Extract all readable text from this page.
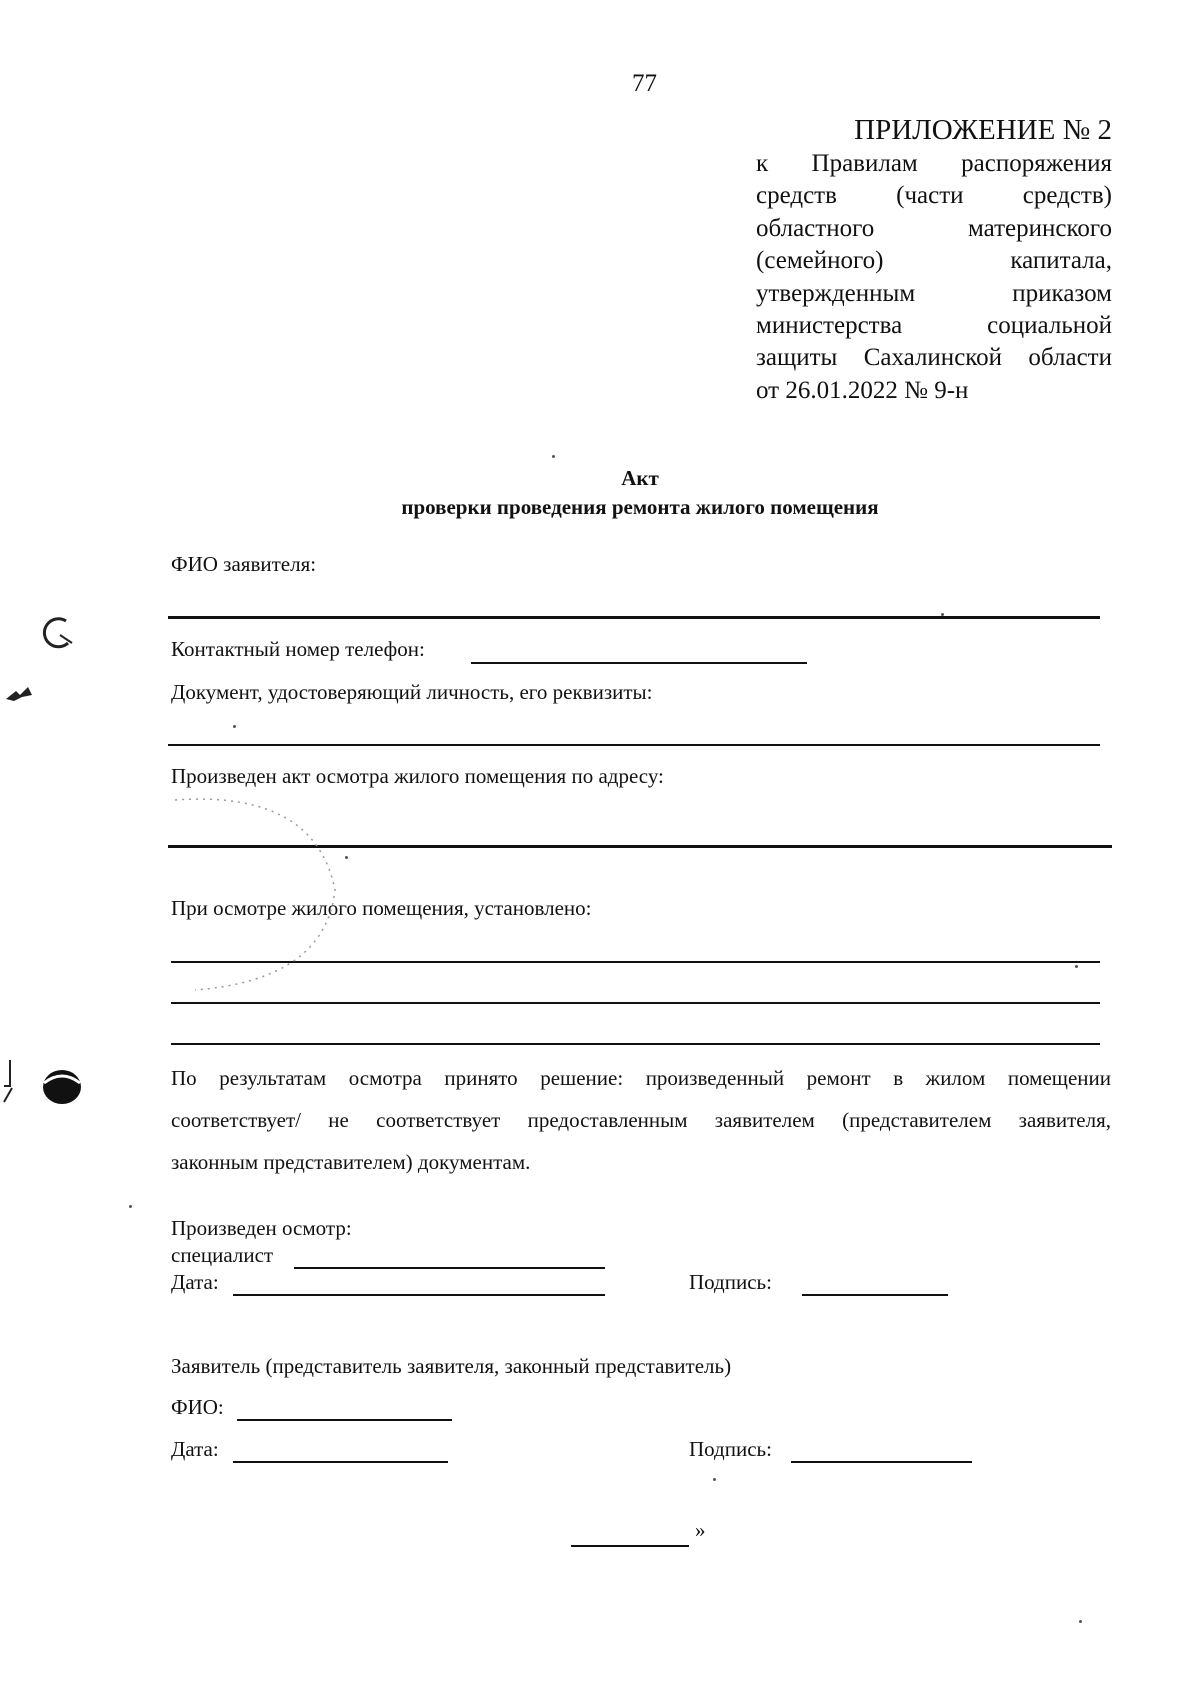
77
ПРИЛОЖЕНИЕ № 2
к Правилам распоряжения
средств (части средств)
областного материнского
(семейного) капитала,
утвержденным приказом
министерства социальной
защиты Сахалинской области
от 26.01.2022 № 9-н
Акт
проверки проведения ремонта жилого помещения
ФИО заявителя:
Контактный номер телефон:
Документ, удостоверяющий личность, его реквизиты:
Произведен акт осмотра жилого помещения по адресу:
При осмотре жилого помещения, установлено:
По результатам осмотра принято решение: произведенный ремонт в жилом помещении
соответствует/ не соответствует предоставленным заявителем (представителем заявителя,
законным представителем) документам.
Произведен осмотр:
специалист
Дата:	Подпись:
Заявитель (представитель заявителя, законный представитель)
ФИО:
Дата:	Подпись:
»
